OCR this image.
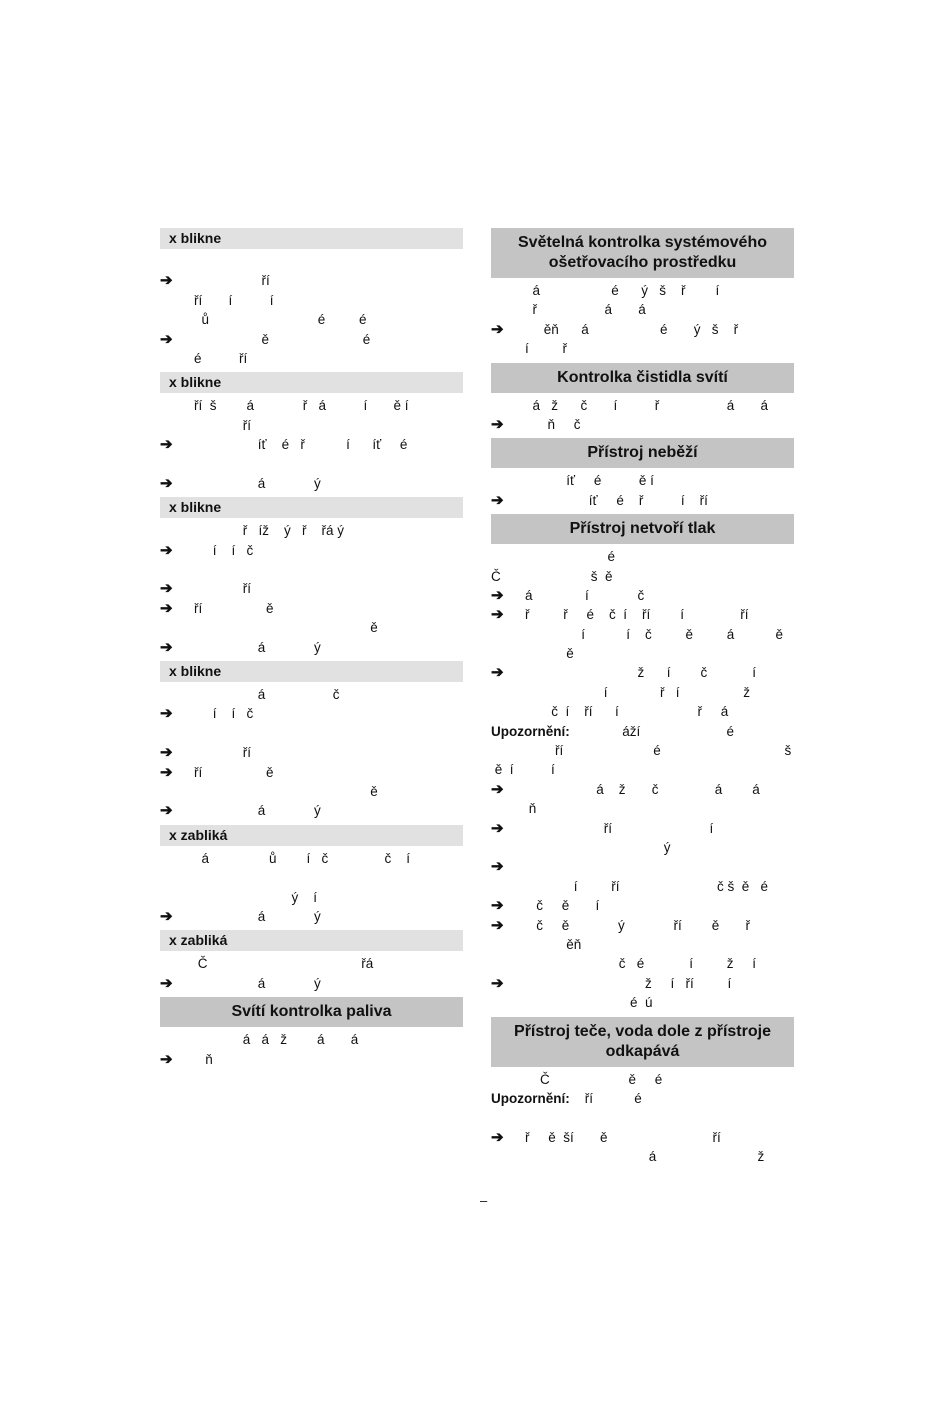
x blikne
➔ ří
ří       í          í
ů                             é         é
➔ ě                         é
é          ří
x blikne
ří  š        á             ř   á          í       ě í
ří
➔ íť    é   ř           í      íť     é
➔ á             ý
x blikne
ř   íž    ý   ř    řá ý
➔ í    í   č
➔ ří
➔ ří                 ě
ě
➔ á             ý
x blikne
á                  č
➔ í    í   č
➔ ří
➔ ří                 ě
ě
➔ á             ý
x zabliká
á                ů        í   č               č    í
ý    í
➔ á             ý
x zabliká
Č                                         řá
➔ á             ý
Svítí kontrolka paliva
á   á   ž        á       á
➔ ň
Světelná kontrolka systémového ošetřovacího prostředku
á                   é      ý   š    ř        í
ř                  á       á
➔ ěň      á                   é       ý   š    ř
í         ř
Kontrolka čistidla svítí
á   ž      č       í          ř                  á       á
➔ ň     č
Přístroj neběží
íť     é          ě í
➔ íť     é    ř          í    ří
Přístroj netvoří tlak
é
Č                        š  ě
➔ á              í             č
➔ ř         ř     é    č  í    ří        í               ří
í           í    č         ě         á           ě
ě
➔ ž      í        č            í
í              ř   í                 ž
č  í    ří      í                     ř     á
Upozornění:              áží                       é
ří                        é                                 š
ě  í          í
➔ á    ž       č               á        á
ň
➔ ří                          í
ý
➔

í         ří                          č š  ě   é
➔ č     ě       í
➔ č     ě             ý             ří        ě       ř
ěň
č   é            í         ž     í
➔ ž     í   ří         í
é  ú
Přístroj teče, voda dole z přístroje odkapává
Č                     ě     é
Upozornění:    ří           é
➔ ř     ě  ší       ě                            ří
á                           ž
–
